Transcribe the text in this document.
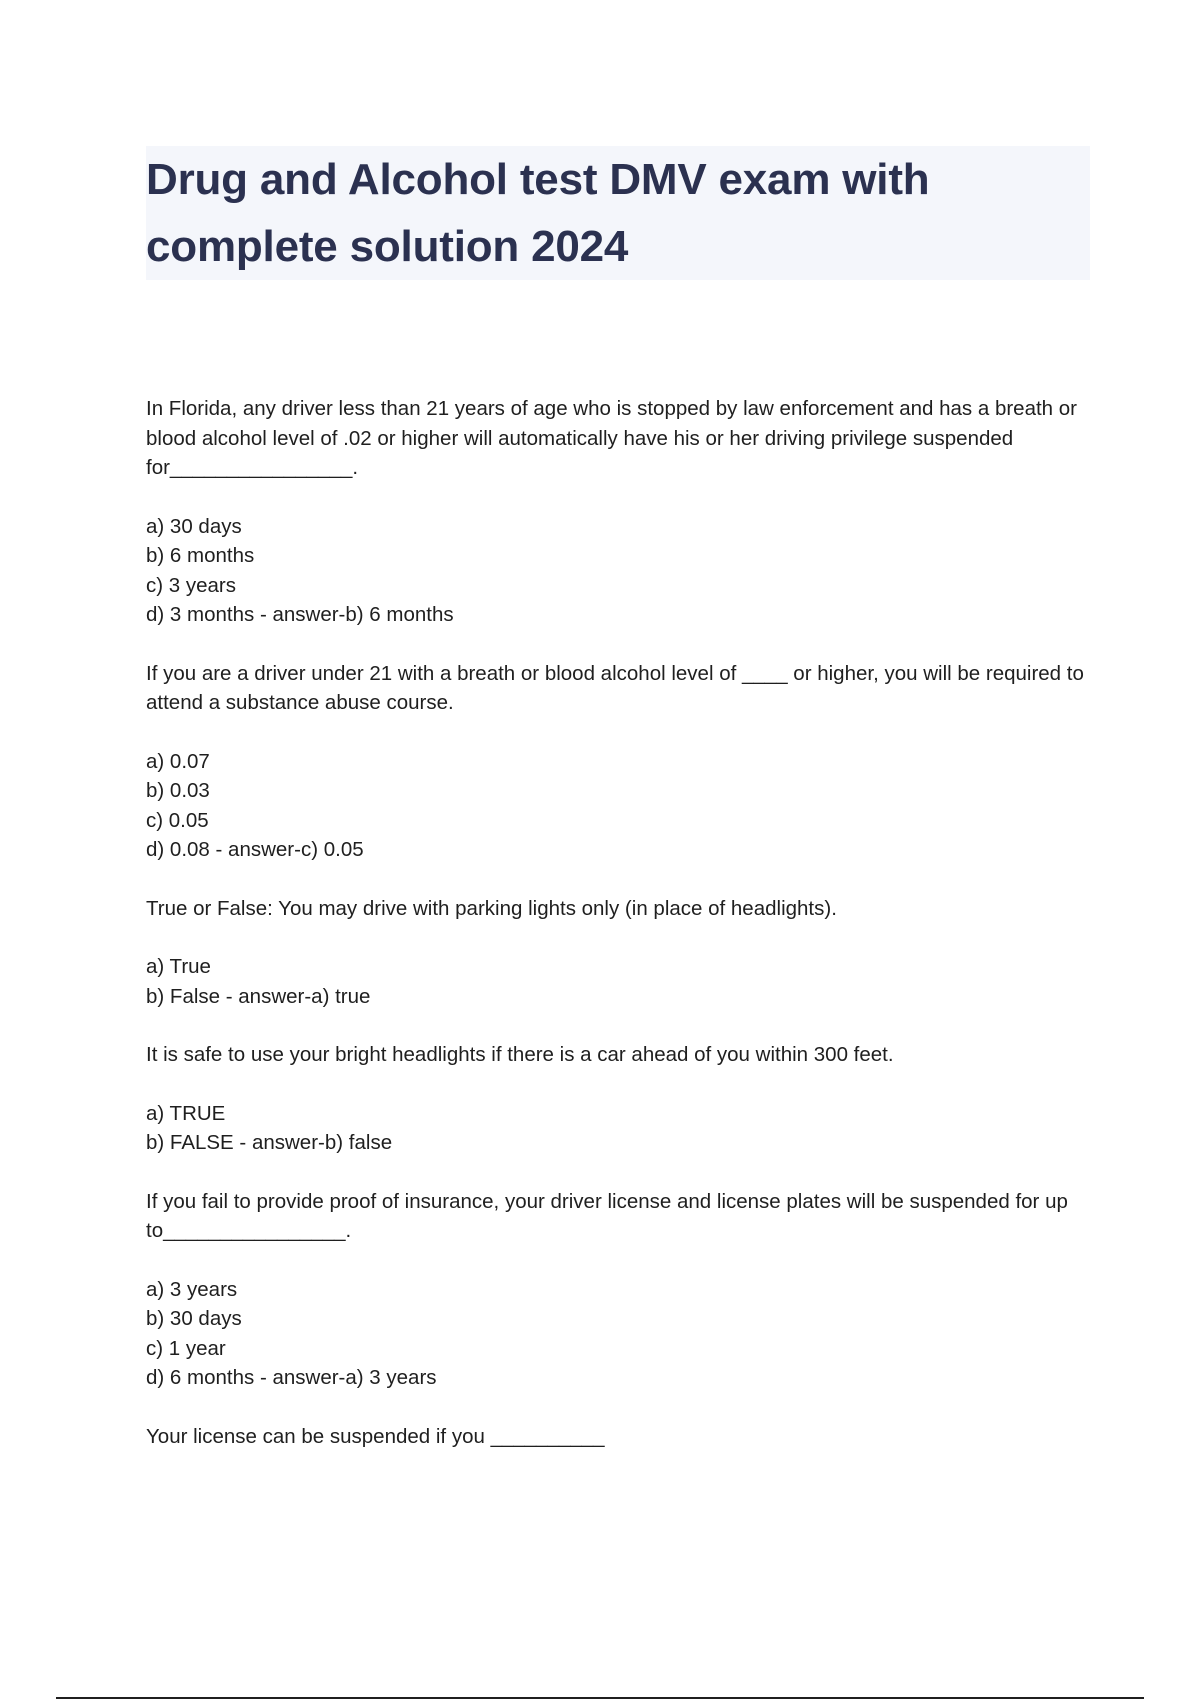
Drug and Alcohol test DMV exam with complete solution 2024

In Florida, any driver less than 21 years of age who is stopped by law enforcement and has a breath or blood alcohol level of .02 or higher will automatically have his or her driving privilege suspended for________________.

a) 30 days
b) 6 months
c) 3 years
d) 3 months - answer-b) 6 months

If you are a driver under 21 with a breath or blood alcohol level of ____ or higher, you will be required to attend a substance abuse course.

a) 0.07
b) 0.03
c) 0.05
d) 0.08 - answer-c) 0.05

True or False: You may drive with parking lights only (in place of headlights).

a) True
b) False - answer-a) true

It is safe to use your bright headlights if there is a car ahead of you within 300 feet.

a) TRUE
b) FALSE - answer-b) false

If you fail to provide proof of insurance, your driver license and license plates will be suspended for up to________________.

a) 3 years
b) 30 days
c) 1 year
d) 6 months - answer-a) 3 years

Your license can be suspended if you __________
